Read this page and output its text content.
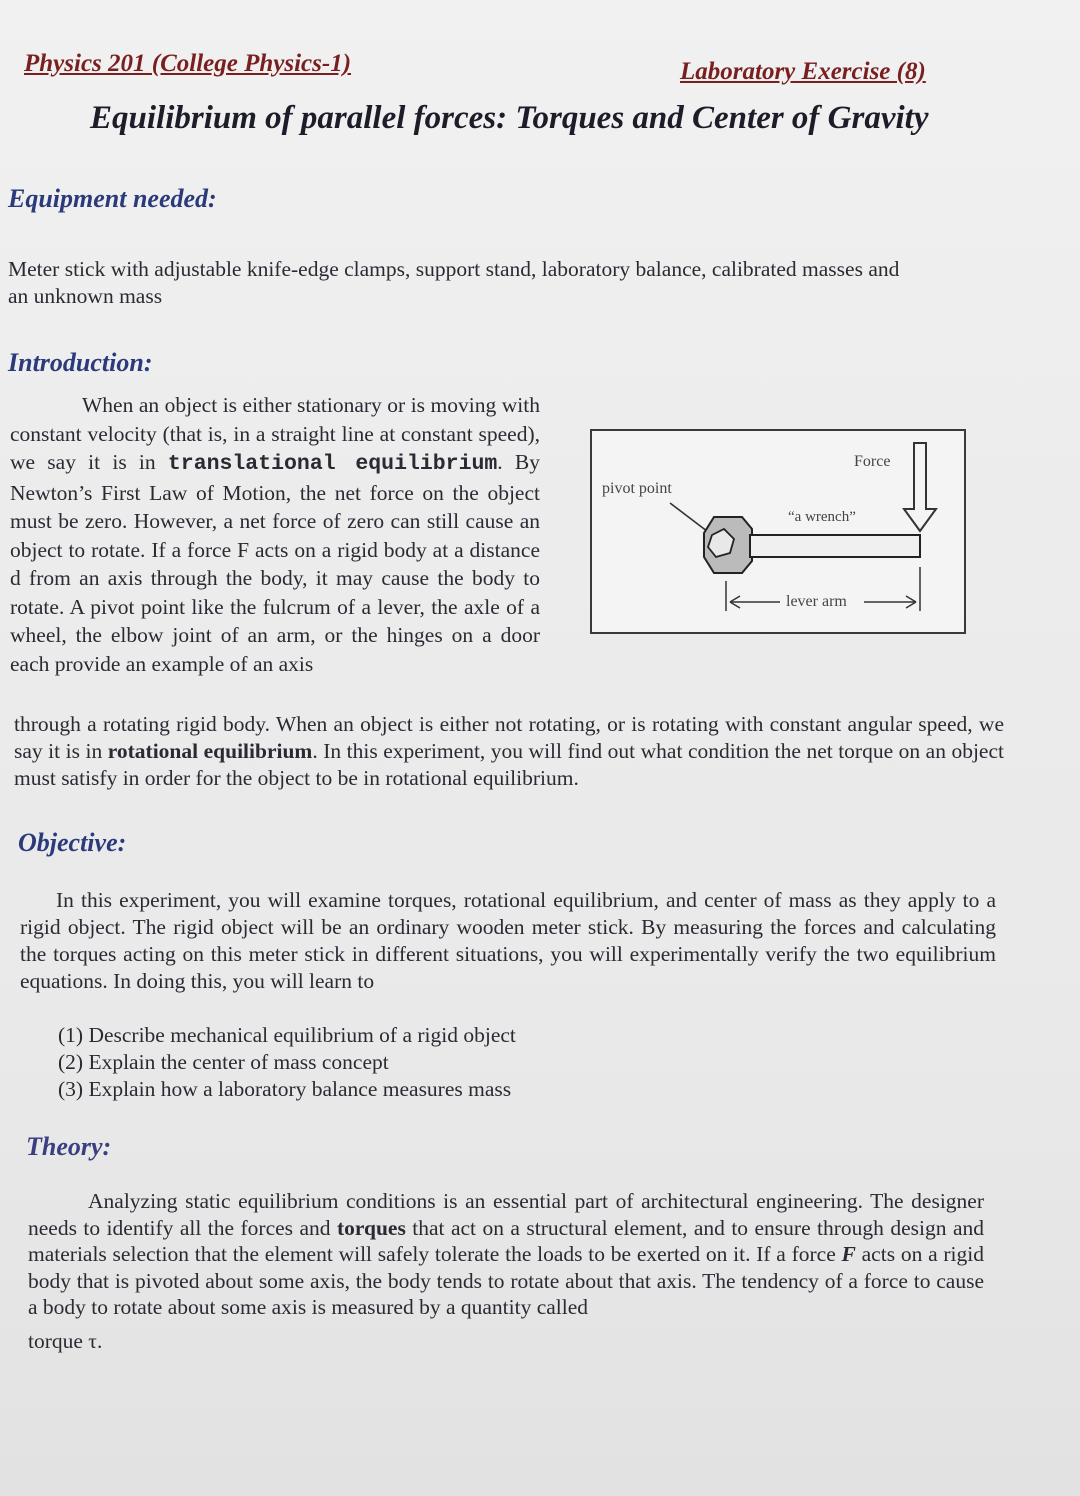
Physics 201 (College Physics-1)	Laboratory Exercise (8)
Equilibrium of parallel forces: Torques and Center of Gravity
Equipment needed:
Meter stick with adjustable knife-edge clamps, support stand, laboratory balance, calibrated masses and
an unknown mass
Introduction:
When an object is either stationary or is moving with constant velocity (that is, in a straight line at constant speed), we say it is in translational equilibrium. By Newton’s First Law of Motion, the net force on the object must be zero. However, a net force of zero can still cause an object to rotate. If a force F acts on a rigid body at a distance d from an axis through the body, it may cause the body to rotate. A pivot point like the fulcrum of a lever, the axle of a wheel, the elbow joint of an arm, or the hinges on a door each provide an example of an axis
through a rotating rigid body. When an object is either not rotating, or is rotating with constant angular speed, we say it is in rotational equilibrium. In this experiment, you will find out what condition the net torque on an object must satisfy in order for the object to be in rotational equilibrium.
Force
pivot point
“a wrench”
lever arm
Objective:
In this experiment, you will examine torques, rotational equilibrium, and center of mass as they apply to a rigid object. The rigid object will be an ordinary wooden meter stick. By measuring the forces and calculating the torques acting on this meter stick in different situations, you will experimentally verify the two equilibrium equations. In doing this, you will learn to
(1) Describe mechanical equilibrium of a rigid object
(2) Explain the center of mass concept
(3) Explain how a laboratory balance measures mass
Theory:
Analyzing static equilibrium conditions is an essential part of architectural engineering. The designer needs to identify all the forces and torques that act on a structural element, and to ensure through design and materials selection that the element will safely tolerate the loads to be exerted on it. If a force F acts on a rigid body that is pivoted about some axis, the body tends to rotate about that axis. The tendency of a force to cause a body to rotate about some axis is measured by a quantity called
torque τ.
